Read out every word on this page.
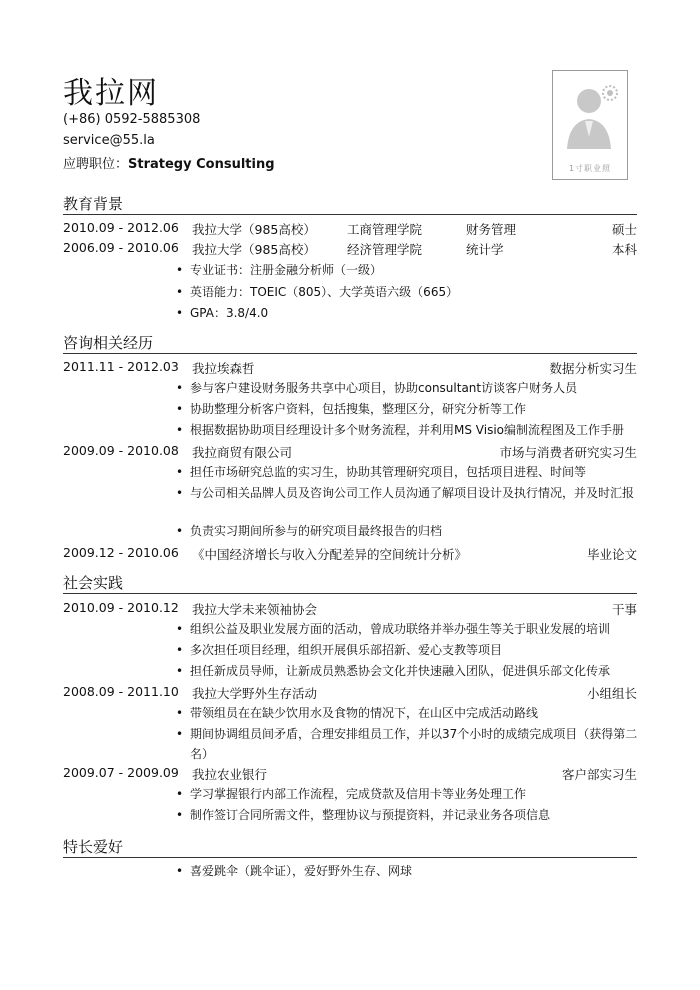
我拉网
(+86) 0592-5885308
service@55.la
应聘职位：Strategy Consulting	1寸职业照
教育背景
2010.09 - 2012.06 我拉大学（985高校） 工商管理学院	财务管理	硕士
2006.09 - 2010.06 我拉大学（985高校） 经济管理学院	统计学	本科
• 专业证书：注册金融分析师（一级）
• 英语能力：TOEIC（805）、大学英语六级（665）
• GPA：3.8/4.0
咨询相关经历
2011.11 - 2012.03 我拉埃森哲	数据分析实习生
• 参与客户建设财务服务共享中心项目，协助consultant访谈客户财务人员
• 协助整理分析客户资料，包括搜集，整理区分，研究分析等工作
• 根据数据协助项目经理设计多个财务流程，并利用MS Visio编制流程图及工作手册
2009.09 - 2010.08 我拉商贸有限公司	市场与消费者研究实习生
• 担任市场研究总监的实习生，协助其管理研究项目，包括项目进程、时间等
• 与公司相关品牌人员及咨询公司工作人员沟通了解项目设计及执行情况，并及时汇报
• 负责实习期间所参与的研究项目最终报告的归档
2009.12 - 2010.06 《中国经济增长与收入分配差异的空间统计分析》	毕业论文
社会实践
2010.09 - 2010.12 我拉大学未来领袖协会	干事
• 组织公益及职业发展方面的活动，曾成功联络并举办强生等关于职业发展的培训
• 多次担任项目经理，组织开展俱乐部招新、爱心支教等项目
• 担任新成员导师，让新成员熟悉协会文化并快速融入团队，促进俱乐部文化传承
2008.09 - 2011.10 我拉大学野外生存活动	小组组长
• 带领组员在在缺少饮用水及食物的情况下，在山区中完成活动路线
• 期间协调组员间矛盾，合理安排组员工作，并以37个小时的成绩完成项目（获得第二名）
2009.07 - 2009.09 我拉农业银行	客户部实习生
• 学习掌握银行内部工作流程，完成贷款及信用卡等业务处理工作
• 制作签订合同所需文件，整理协议与预提资料，并记录业务各项信息
特长爱好
• 喜爱跳伞（跳伞证），爱好野外生存、网球
